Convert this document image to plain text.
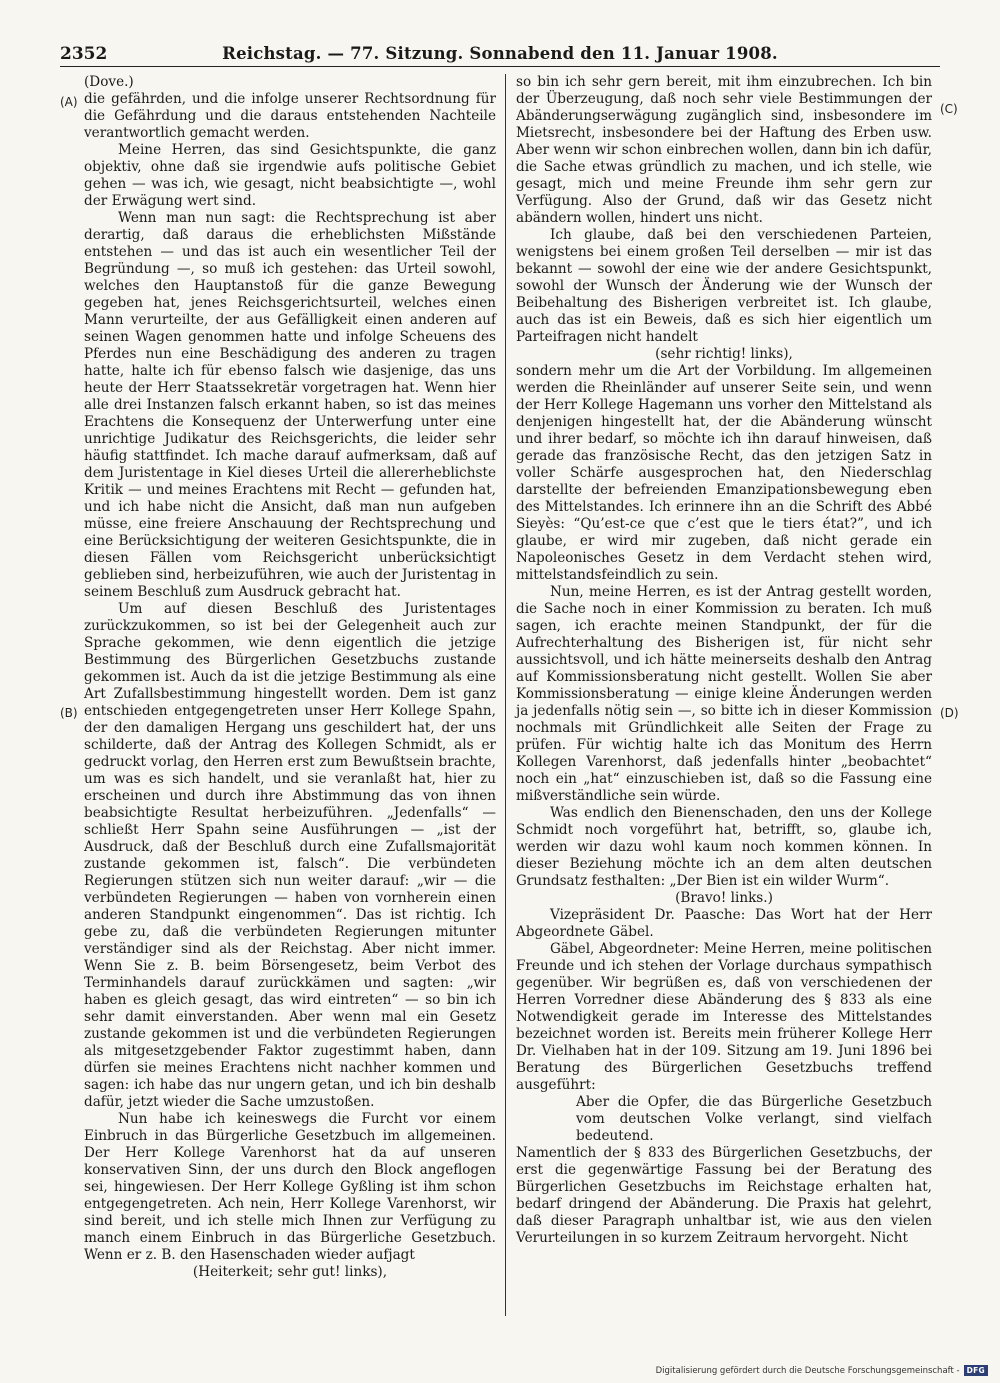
2352	Reichstag. — 77. Sitzung. Sonnabend den 11. Januar 1908.
(A)
(B)
(C)
(D)

(Dove.)

die gefährden, und die infolge unserer Rechtsordnung für die Gefährdung und die daraus entstehenden Nachteile verantwortlich gemacht werden.

Meine Herren, das sind Gesichtspunkte, die ganz objektiv, ohne daß sie irgendwie aufs politische Gebiet gehen — was ich, wie gesagt, nicht beabsichtigte —, wohl der Erwägung wert sind.

Wenn man nun sagt: die Rechtsprechung ist aber derartig, daß daraus die erheblichsten Mißstände entstehen — und das ist auch ein wesentlicher Teil der Begründung —, so muß ich gestehen: das Urteil sowohl, welches den Hauptanstoß für die ganze Bewegung gegeben hat, jenes Reichsgerichtsurteil, welches einen Mann verurteilte, der aus Gefälligkeit einen anderen auf seinen Wagen genommen hatte und infolge Scheuens des Pferdes nun eine Beschädigung des anderen zu tragen hatte, halte ich für ebenso falsch wie dasjenige, das uns heute der Herr Staatssekretär vorgetragen hat. Wenn hier alle drei Instanzen falsch erkannt haben, so ist das meines Erachtens die Konsequenz der Unterwerfung unter eine unrichtige Judikatur des Reichsgerichts, die leider sehr häufig stattfindet. Ich mache darauf aufmerksam, daß auf dem Juristentage in Kiel dieses Urteil die allererheblichste Kritik — und meines Erachtens mit Recht — gefunden hat, und ich habe nicht die Ansicht, daß man nun aufgeben müsse, eine freiere Anschauung der Rechtsprechung und eine Berücksichtigung der weiteren Gesichtspunkte, die in diesen Fällen vom Reichsgericht unberücksichtigt geblieben sind, herbeizuführen, wie auch der Juristentag in seinem Beschluß zum Ausdruck gebracht hat.

Um auf diesen Beschluß des Juristentages zurückzukommen, so ist bei der Gelegenheit auch zur Sprache gekommen, wie denn eigentlich die jetzige Bestimmung des Bürgerlichen Gesetzbuchs zustande gekommen ist. Auch da ist die jetzige Bestimmung als eine Art Zufallsbestimmung hingestellt worden. Dem ist ganz entschieden entgegengetreten unser Herr Kollege Spahn, der den damaligen Hergang uns geschildert hat, der uns schilderte, daß der Antrag des Kollegen Schmidt, als er gedruckt vorlag, den Herren erst zum Bewußtsein brachte, um was es sich handelt, und sie veranlaßt hat, hier zu erscheinen und durch ihre Abstimmung das von ihnen beabsichtigte Resultat herbeizuführen. „Jedenfalls“ — schließt Herr Spahn seine Ausführungen — „ist der Ausdruck, daß der Beschluß durch eine Zufallsmajorität zustande gekommen ist, falsch“. Die verbündeten Regierungen stützen sich nun weiter darauf: „wir — die verbündeten Regierungen — haben von vornherein einen anderen Standpunkt eingenommen“. Das ist richtig. Ich gebe zu, daß die verbündeten Regierungen mitunter verständiger sind als der Reichstag. Aber nicht immer. Wenn Sie z. B. beim Börsengesetz, beim Verbot des Terminhandels darauf zurückkämen und sagten: „wir haben es gleich gesagt, das wird eintreten“ — so bin ich sehr damit einverstanden. Aber wenn mal ein Gesetz zustande gekommen ist und die verbündeten Regierungen als mitgesetzgebender Faktor zugestimmt haben, dann dürfen sie meines Erachtens nicht nachher kommen und sagen: ich habe das nur ungern getan, und ich bin deshalb dafür, jetzt wieder die Sache umzustoßen.

Nun habe ich keineswegs die Furcht vor einem Einbruch in das Bürgerliche Gesetzbuch im allgemeinen. Der Herr Kollege Varenhorst hat da auf unseren konservativen Sinn, der uns durch den Block angeflogen sei, hingewiesen. Der Herr Kollege Gyßling ist ihm schon entgegengetreten. Ach nein, Herr Kollege Varenhorst, wir sind bereit, und ich stelle mich Ihnen zur Verfügung zu manch einem Einbruch in das Bürgerliche Gesetzbuch. Wenn er z. B. den Hasenschaden wieder aufjagt

(Heiterkeit; sehr gut! links),

so bin ich sehr gern bereit, mit ihm einzubrechen. Ich bin der Überzeugung, daß noch sehr viele Bestimmungen der Abänderungserwägung zugänglich sind, insbesondere im Mietsrecht, insbesondere bei der Haftung des Erben usw. Aber wenn wir schon einbrechen wollen, dann bin ich dafür, die Sache etwas gründlich zu machen, und ich stelle, wie gesagt, mich und meine Freunde ihm sehr gern zur Verfügung. Also der Grund, daß wir das Gesetz nicht abändern wollen, hindert uns nicht.

Ich glaube, daß bei den verschiedenen Parteien, wenigstens bei einem großen Teil derselben — mir ist das bekannt — sowohl der eine wie der andere Gesichtspunkt, sowohl der Wunsch der Änderung wie der Wunsch der Beibehaltung des Bisherigen verbreitet ist. Ich glaube, auch das ist ein Beweis, daß es sich hier eigentlich um Parteifragen nicht handelt

(sehr richtig! links),

sondern mehr um die Art der Vorbildung. Im allgemeinen werden die Rheinländer auf unserer Seite sein, und wenn der Herr Kollege Hagemann uns vorher den Mittelstand als denjenigen hingestellt hat, der die Abänderung wünscht und ihrer bedarf, so möchte ich ihn darauf hinweisen, daß gerade das französische Recht, das den jetzigen Satz in voller Schärfe ausgesprochen hat, den Niederschlag darstellte der befreienden Emanzipationsbewegung eben des Mittelstandes. Ich erinnere ihn an die Schrift des Abbé Sieyès: “Qu’est-ce que c’est que le tiers état?”, und ich glaube, er wird mir zugeben, daß nicht gerade ein Napoleonisches Gesetz in dem Verdacht stehen wird, mittelstandsfeindlich zu sein.

Nun, meine Herren, es ist der Antrag gestellt worden, die Sache noch in einer Kommission zu beraten. Ich muß sagen, ich erachte meinen Standpunkt, der für die Aufrechterhaltung des Bisherigen ist, für nicht sehr aussichtsvoll, und ich hätte meinerseits deshalb den Antrag auf Kommissionsberatung nicht gestellt. Wollen Sie aber Kommissionsberatung — einige kleine Änderungen werden ja jedenfalls nötig sein —, so bitte ich in dieser Kommission nochmals mit Gründlichkeit alle Seiten der Frage zu prüfen. Für wichtig halte ich das Monitum des Herrn Kollegen Varenhorst, daß jedenfalls hinter „beobachtet“ noch ein „hat“ einzuschieben ist, daß so die Fassung eine mißverständliche sein würde.

Was endlich den Bienenschaden, den uns der Kollege Schmidt noch vorgeführt hat, betrifft, so, glaube ich, werden wir dazu wohl kaum noch kommen können. In dieser Beziehung möchte ich an dem alten deutschen Grundsatz festhalten: „Der Bien ist ein wilder Wurm“.

(Bravo! links.)

Vizepräsident Dr. Paasche: Das Wort hat der Herr Abgeordnete Gäbel.

Gäbel, Abgeordneter: Meine Herren, meine politischen Freunde und ich stehen der Vorlage durchaus sympathisch gegenüber. Wir begrüßen es, daß von verschiedenen der Herren Vorredner diese Abänderung des § 833 als eine Notwendigkeit gerade im Interesse des Mittelstandes bezeichnet worden ist. Bereits mein früherer Kollege Herr Dr. Vielhaben hat in der 109. Sitzung am 19. Juni 1896 bei Beratung des Bürgerlichen Gesetzbuchs treffend ausgeführt:

Aber die Opfer, die das Bürgerliche Gesetzbuch vom deutschen Volke verlangt, sind vielfach bedeutend.

Namentlich der § 833 des Bürgerlichen Gesetzbuchs, der erst die gegenwärtige Fassung bei der Beratung des Bürgerlichen Gesetzbuchs im Reichstage erhalten hat, bedarf dringend der Abänderung. Die Praxis hat gelehrt, daß dieser Paragraph unhaltbar ist, wie aus den vielen Verurteilungen in so kurzem Zeitraum hervorgeht. Nicht

Digitalisierung gefördert durch die Deutsche Forschungsgemeinschaft - DFG
